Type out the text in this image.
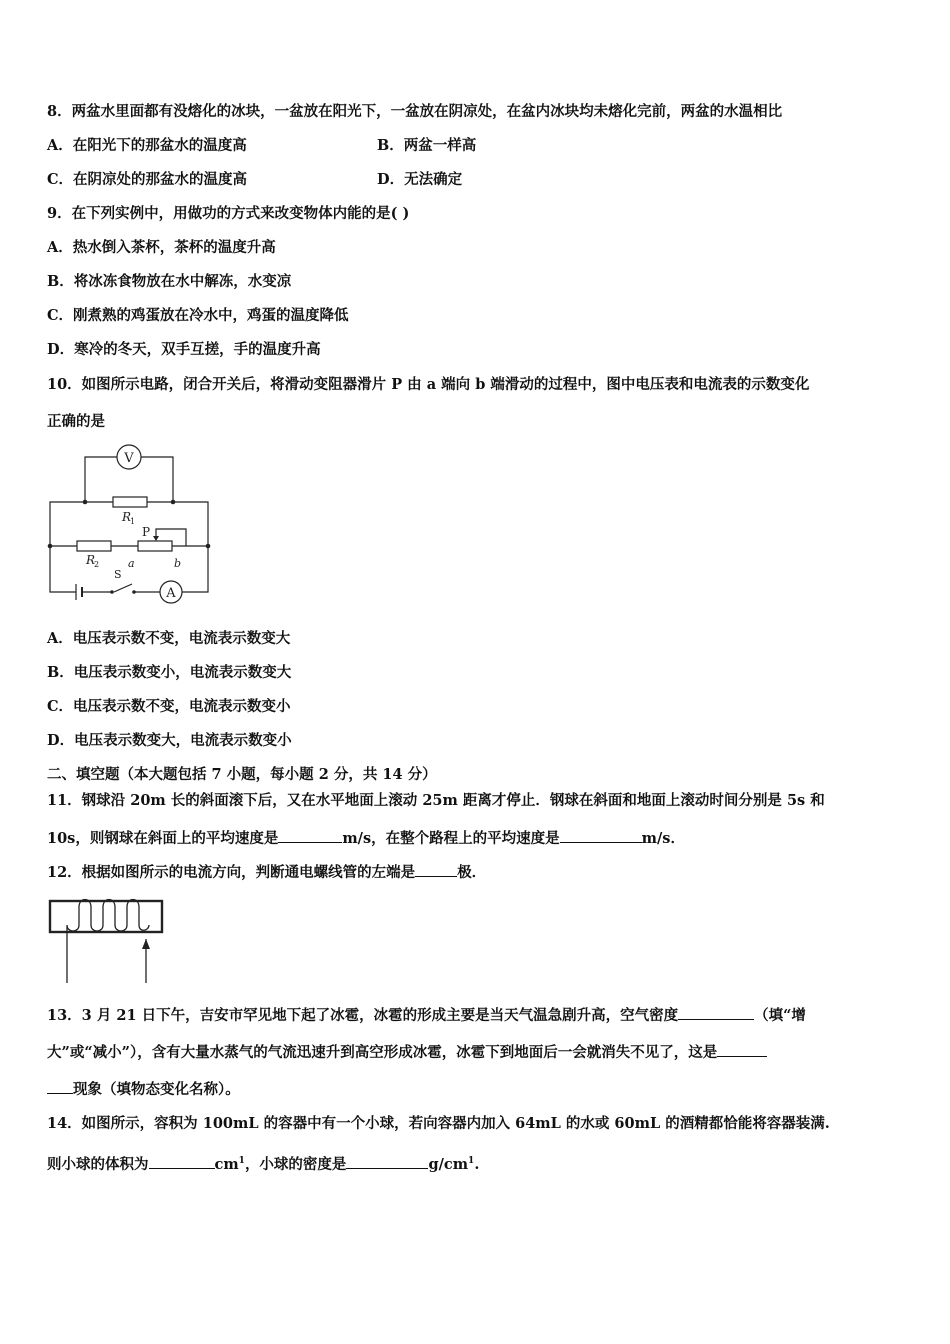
8．两盆水里面都有没熔化的冰块，一盆放在阳光下，一盆放在阴凉处，在盆内冰块均未熔化完前，两盆的水温相比
A．在阳光下的那盆水的温度高	B．两盆一样高
C．在阴凉处的那盆水的温度高	D．无法确定
9．在下列实例中，用做功的方式来改变物体内能的是( )
A．热水倒入茶杯，茶杯的温度升高
B．将冰冻食物放在水中解冻，水变凉
C．刚煮熟的鸡蛋放在冷水中，鸡蛋的温度降低
D．寒冷的冬天，双手互搓，手的温度升高
10．如图所示电路，闭合开关后，将滑动变阻器滑片 P 由 a 端向 b 端滑动的过程中，图中电压表和电流表的示数变化
正确的是
V
A
R
1
R
2
P
a	b
S
A．电压表示数不变，电流表示数变大
B．电压表示数变小，电流表示数变大
C．电压表示数不变，电流表示数变小
D．电压表示数变大，电流表示数变小
二、填空题（本大题包括 7 小题，每小题 2 分，共 14 分）
11．钢球沿 20m 长的斜面滚下后，又在水平地面上滚动 25m 距离才停止．钢球在斜面和地面上滚动时间分别是 5s 和
10s，则钢球在斜面上的平均速度是	m/s，在整个路程上的平均速度是	m/s．
12．根据如图所示的电流方向，判断通电螺线管的左端是	极．
13．3 月 21 日下午，吉安市罕见地下起了冰雹，冰雹的形成主要是当天气温急剧升高，空气密度	（填“增
大”或“减小”），含有大量水蒸气的气流迅速升到高空形成冰雹，冰雹下到地面后一会就消失不见了，这是
现象（填物态变化名称）。
14．如图所示，容积为 100mL 的容器中有一个小球，若向容器内加入 64mL 的水或 60mL 的酒精都恰能将容器装满.
则小球的体积为	$cm^1$，小球的密度是	$g/cm^1$.
